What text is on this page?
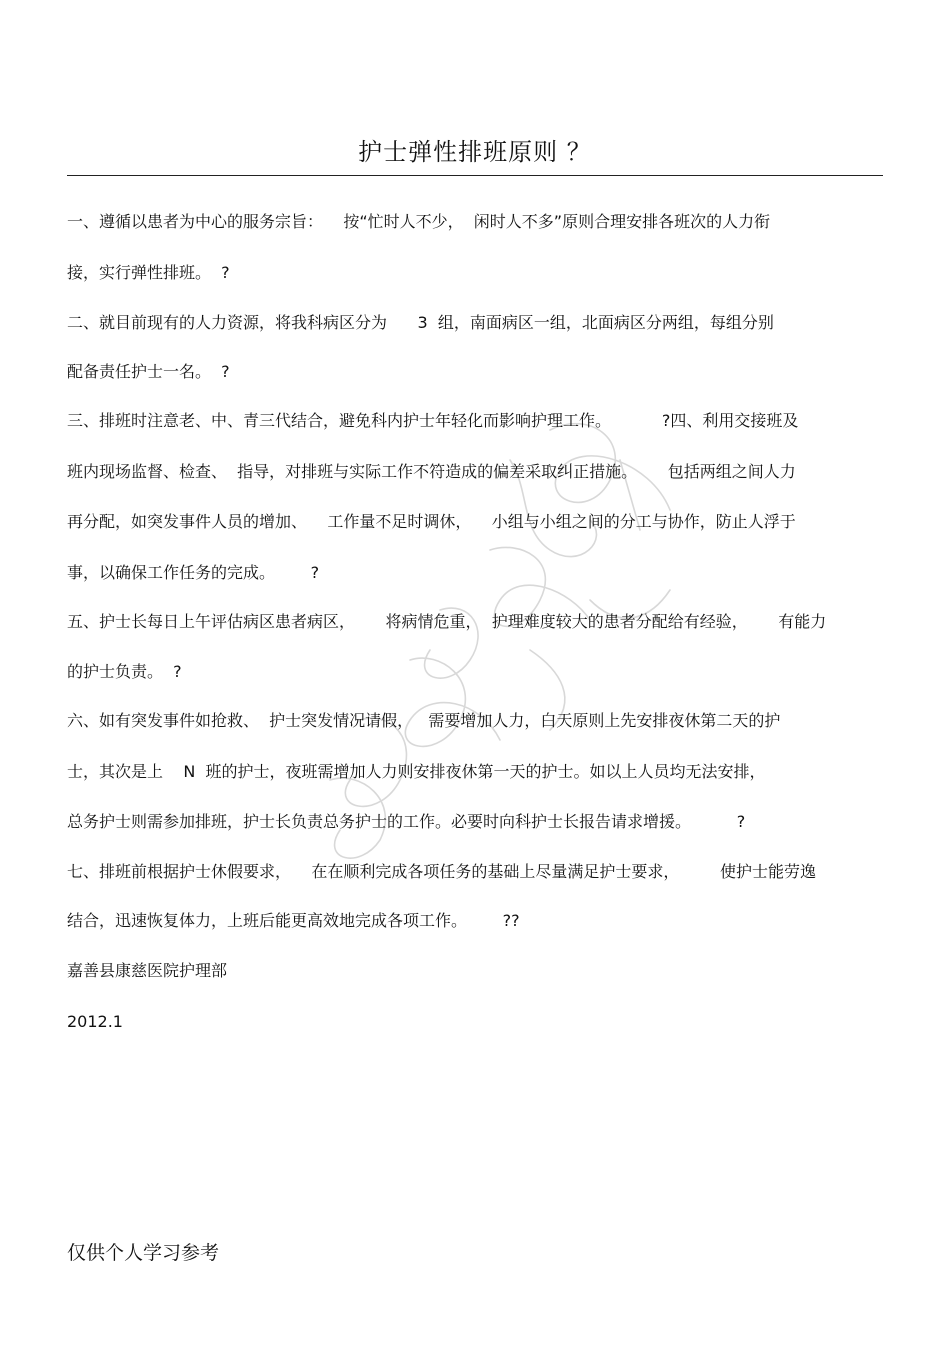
护士弹性排班原则 ？
一、遵循以患者为中心的服务宗旨：    按“忙时人不少，  闲时人不多”原则合理安排各班次的人力衔
接，实行弹性排班。  ?
二、就目前现有的人力资源，将我科病区分为      3  组，南面病区一组，北面病区分两组，每组分别
配备责任护士一名。  ?
三、排班时注意老、中、青三代结合，避免科内护士年轻化而影响护理工作。          ?四、利用交接班及
班内现场监督、检查、  指导，对排班与实际工作不符造成的偏差采取纠正措施。      包括两组之间人力
再分配，如突发事件人员的增加、    工作量不足时调休，    小组与小组之间的分工与协作，防止人浮于
事，以确保工作任务的完成。       ?
五、护士长每日上午评估病区患者病区，      将病情危重，  护理难度较大的患者分配给有经验，      有能力
的护士负责。  ?
六、如有突发事件如抢救、  护士突发情况请假，   需要增加人力，白天原则上先安排夜休第二天的护
士，其次是上    N  班的护士，夜班需增加人力则安排夜休第一天的护士。如以上人员均无法安排，
总务护士则需参加排班，护士长负责总务护士的工作。必要时向科护士长报告请求增援。         ?
七、排班前根据护士休假要求，    在在顺利完成各项任务的基础上尽量满足护士要求，        使护士能劳逸
结合，迅速恢复体力，上班后能更高效地完成各项工作。       ??
嘉善县康慈医院护理部
2012.1
仅供个人学习参考
